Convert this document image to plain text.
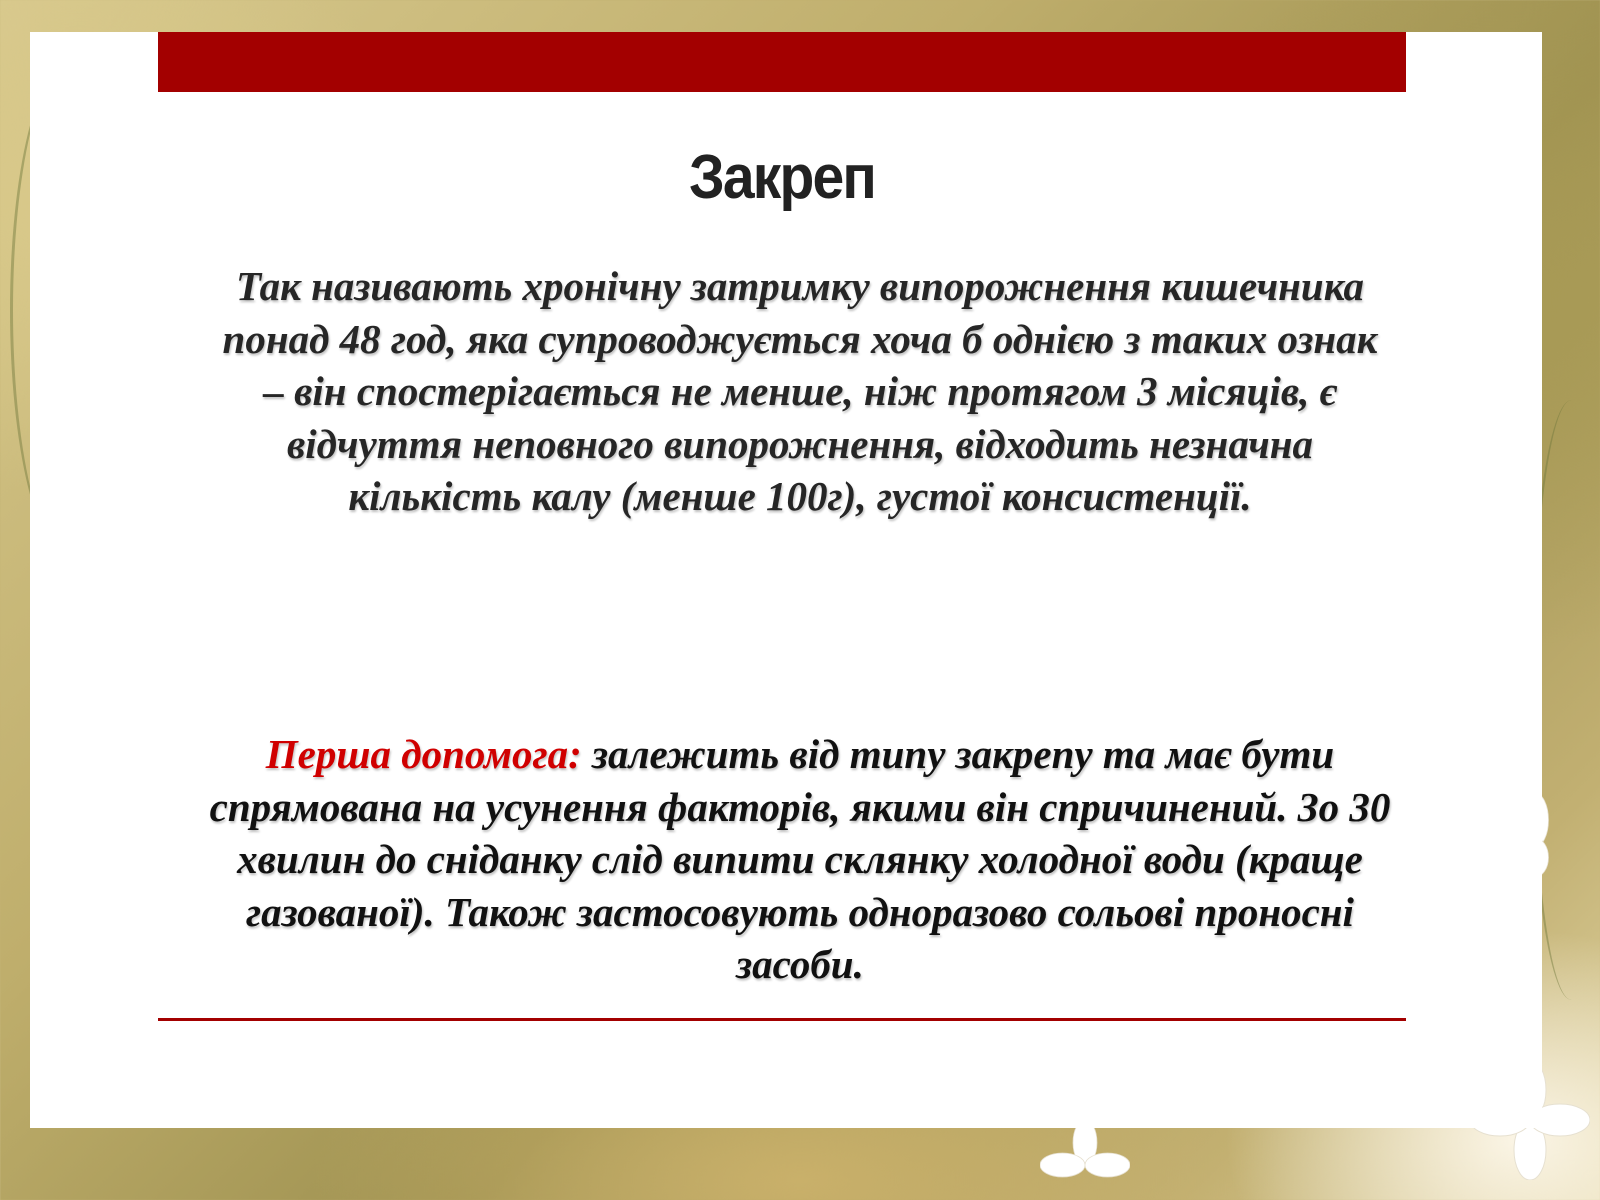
Закреп
Так називають хронічну затримку випорожнення кишечника понад 48 год, яка супроводжується хоча б однією з таких ознак – він спостерігається не менше, ніж протягом 3 місяців, є відчуття неповного випорожнення, відходить незначна кількість калу (менше 100г), густої консистенції.
Перша допомога: залежить від типу закрепу та має бути спрямована на усунення факторів, якими він спричинений. Зо 30 хвилин до сніданку слід випити склянку холодної води (краще газованої). Також застосовують одноразово сольові проносні засоби.
